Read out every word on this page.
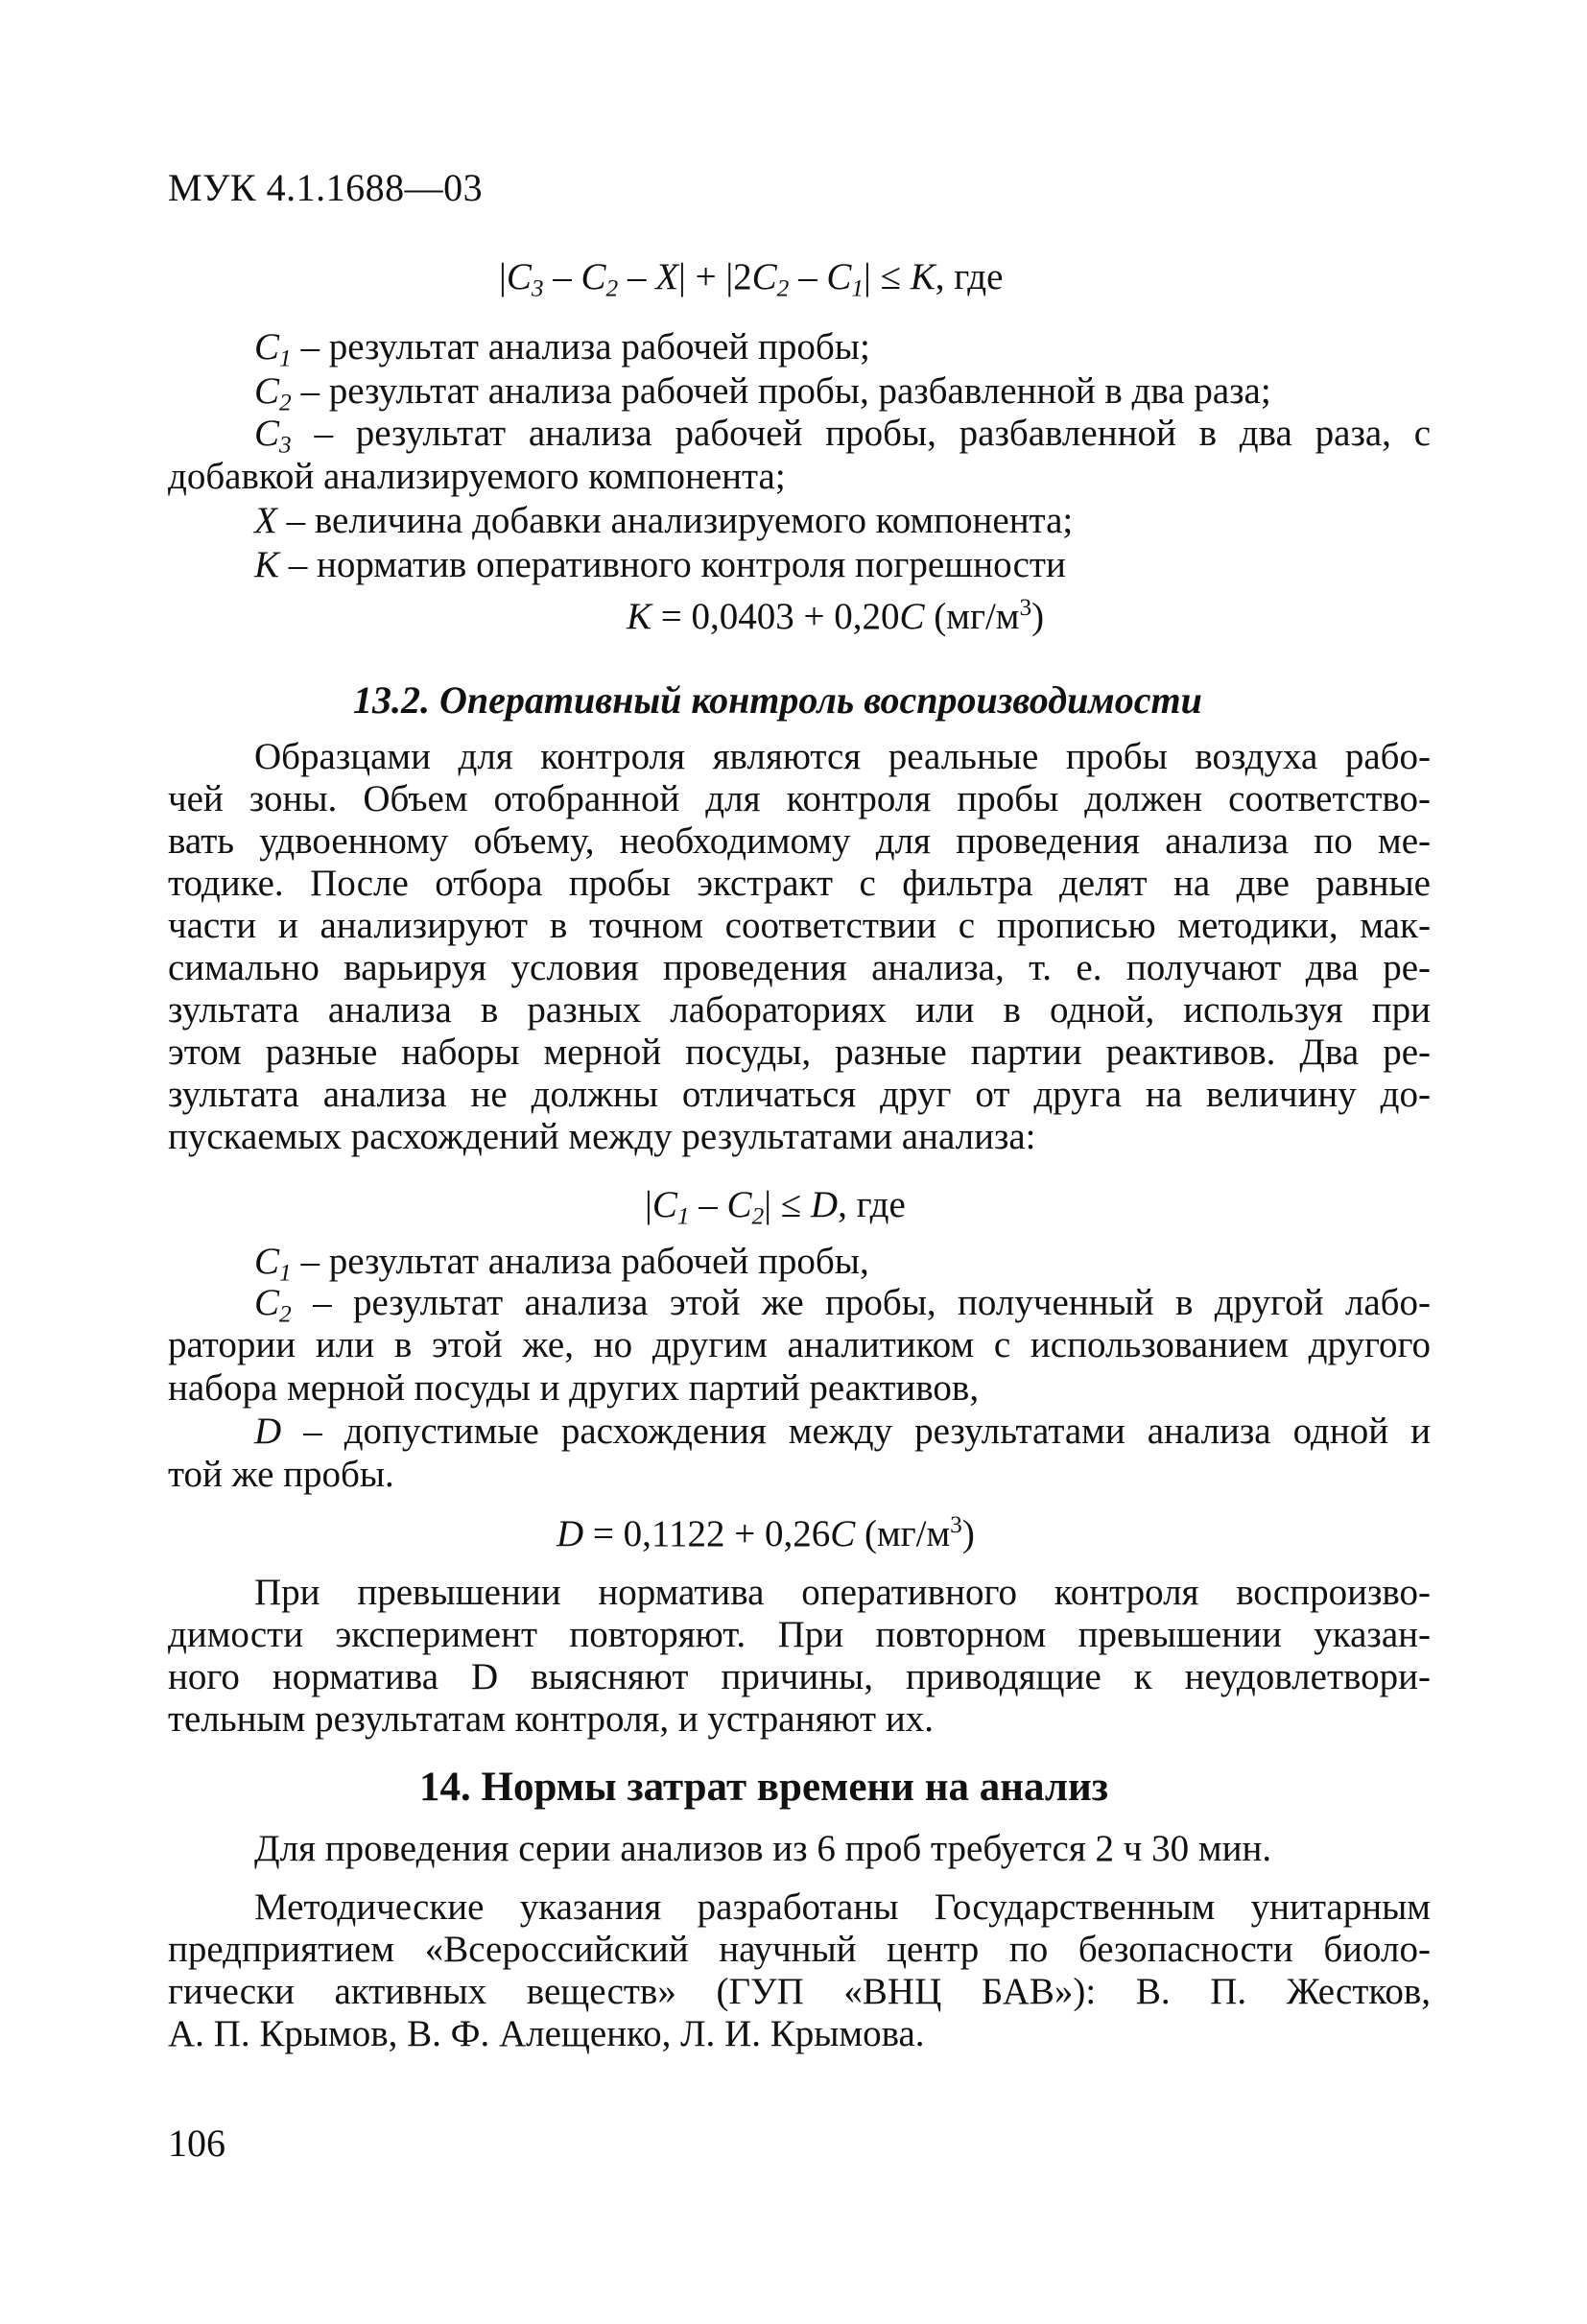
МУК 4.1.1688—03
$|C_3 - C_2 - X| + |2C_2 - C_1| \le K$, где
$C_1$ – результат анализа рабочей пробы;
$C_2$ – результат анализа рабочей пробы, разбавленной в два раза;
$C_3$ – результат анализа рабочей пробы, разбавленной в два раза, с
добавкой анализируемого компонента;
X – величина добавки анализируемого компонента;
K – норматив оперативного контроля погрешности
K = 0,0403 + 0,20C $(мг/м^3)$
13.2. Оперативный контроль воспроизводимости
Образцами для контроля являются реальные пробы воздуха рабо-
чей зоны. Объем отобранной для контроля пробы должен соответство-
вать удвоенному объему, необходимому для проведения анализа по ме-
тодике. После отбора пробы экстракт с фильтра делят на две равные
части и анализируют в точном соответствии с прописью методики, мак-
симально варьируя условия проведения анализа, т. е. получают два ре-
зультата анализа в разных лабораториях или в одной, используя при
этом разные наборы мерной посуды, разные партии реактивов. Два ре-
зультата анализа не должны отличаться друг от друга на величину до-
пускаемых расхождений между результатами анализа:
$|C_1 - C_2| \le D$, где
$C_1$ – результат анализа рабочей пробы,
$C_2$ – результат анализа этой же пробы, полученный в другой лабо-
ратории или в этой же, но другим аналитиком с использованием другого
набора мерной посуды и других партий реактивов,
D – допустимые расхождения между результатами анализа одной и
той же пробы.
D = 0,1122 + 0,26C $(мг/м^3)$
При превышении норматива оперативного контроля воспроизво-
димости эксперимент повторяют. При повторном превышении указан-
ного норматива D выясняют причины, приводящие к неудовлетвори-
тельным результатам контроля, и устраняют их.
14. Нормы затрат времени на анализ
Для проведения серии анализов из 6 проб требуется 2 ч 30 мин.
Методические указания разработаны Государственным унитарным
предприятием «Всероссийский научный центр по безопасности биоло-
гически активных веществ» (ГУП «ВНЦ БАВ»): В. П. Жестков,
А. П. Крымов, В. Ф. Алещенко, Л. И. Крымова.
106
